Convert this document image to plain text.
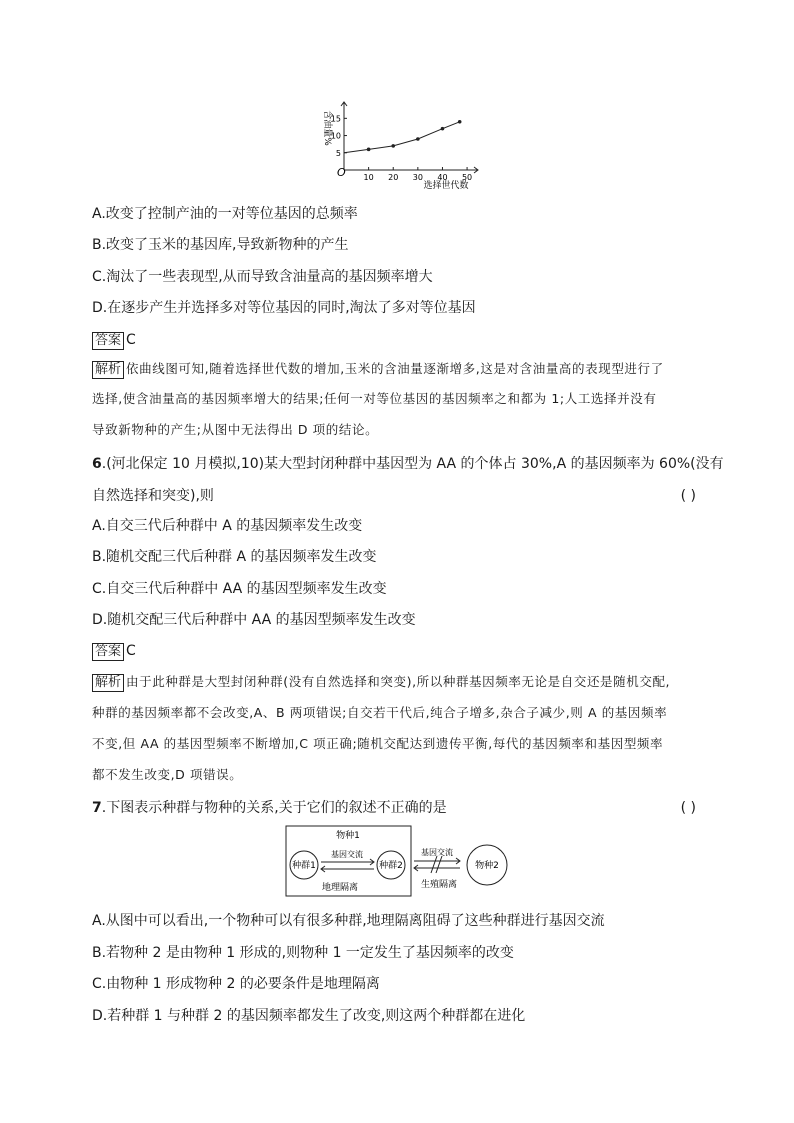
含油量%
10 20 30 40 50
5
10
15
O
选择世代数
A.改变了控制产油的一对等位基因的总频率
B.改变了玉米的基因库,导致新物种的产生
C.淘汰了一些表现型,从而导致含油量高的基因频率增大
D.在逐步产生并选择多对等位基因的同时,淘汰了多对等位基因
答案 C
解析 依曲线图可知,随着选择世代数的增加,玉米的含油量逐渐增多,这是对含油量高的表现型进行了
选择,使含油量高的基因频率增大的结果;任何一对等位基因的基因频率之和都为 1;人工选择并没有
导致新物种的产生;从图中无法得出 D 项的结论。
6.(河北保定 10 月模拟,10)某大型封闭种群中基因型为 AA 的个体占 30%,A 的基因频率为 60%(没有
自然选择和突变),则	( )
A.自交三代后种群中 A 的基因频率发生改变
B.随机交配三代后种群 A 的基因频率发生改变
C.自交三代后种群中 AA 的基因型频率发生改变
D.随机交配三代后种群中 AA 的基因型频率发生改变
答案 C
解析 由于此种群是大型封闭种群(没有自然选择和突变),所以种群基因频率无论是自交还是随机交配,
种群的基因频率都不会改变,A、B 两项错误;自交若干代后,纯合子增多,杂合子减少,则 A 的基因频率
不变,但 AA 的基因型频率不断增加,C 项正确;随机交配达到遗传平衡,每代的基因频率和基因型频率
都不发生改变,D 项错误。
7.下图表示种群与物种的关系,关于它们的叙述不正确的是	( )
物种1
种群1	种群2
基因交流
地理隔离
基因交流
生殖隔离
物种2
A.从图中可以看出,一个物种可以有很多种群,地理隔离阻碍了这些种群进行基因交流
B.若物种 2 是由物种 1 形成的,则物种 1 一定发生了基因频率的改变
C.由物种 1 形成物种 2 的必要条件是地理隔离
D.若种群 1 与种群 2 的基因频率都发生了改变,则这两个种群都在进化
